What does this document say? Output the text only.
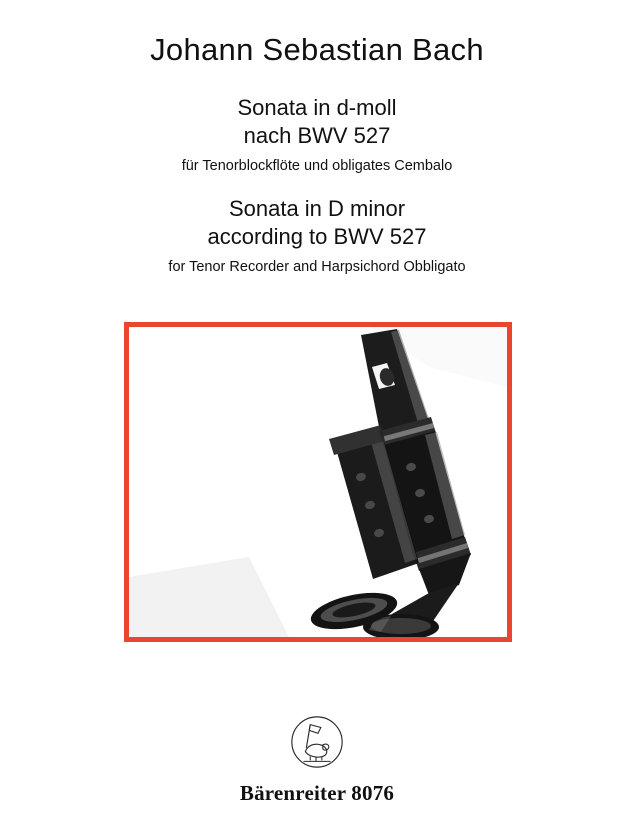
Johann Sebastian Bach
Sonata in d-moll
nach BWV 527
für Tenorblockflöte und obligates Cembalo
Sonata in D minor
according to BWV 527
for Tenor Recorder and Harpsichord Obbligato
Bärenreiter 8076
